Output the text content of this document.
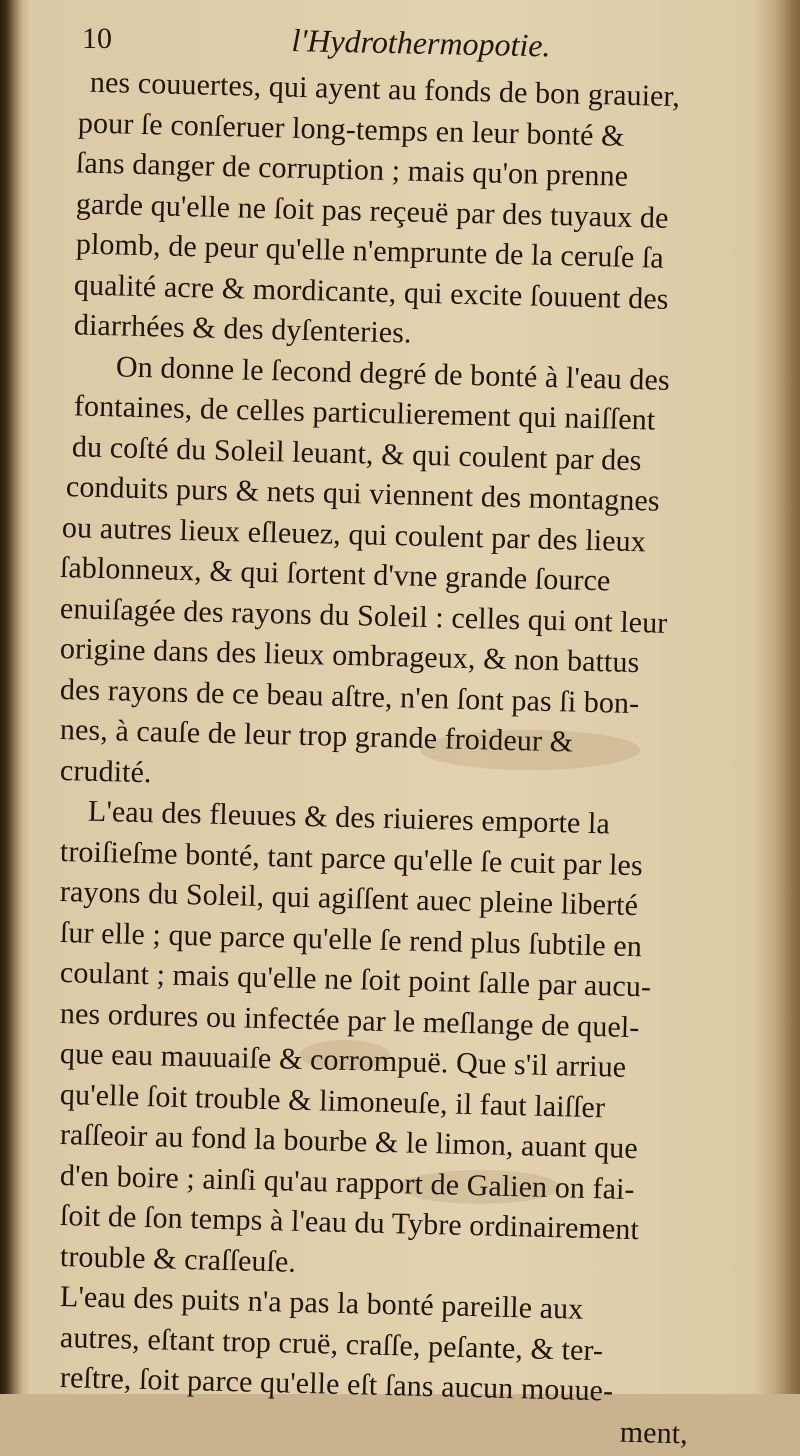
10	l'Hydrothermopotie.
nes couuertes, qui ayent au fonds de bon grauier,
pour ſe conſeruer long-temps en leur bonté &
ſans danger de corruption ; mais qu'on prenne
garde qu'elle ne ſoit pas reçeuë par des tuyaux de
plomb, de peur qu'elle n'emprunte de la ceruſe ſa
qualité acre & mordicante, qui excite ſouuent des
diarrhées & des dyſenteries.
On donne le ſecond degré de bonté à l'eau des
fontaines, de celles particulierement qui naiſſent
du coſté du Soleil leuant, & qui coulent par des
conduits purs & nets qui viennent des montagnes
ou autres lieux eſleuez, qui coulent par des lieux
ſablonneux, & qui ſortent d'vne grande ſource
enuiſagée des rayons du Soleil : celles qui ont leur
origine dans des lieux ombrageux, & non battus
des rayons de ce beau aſtre, n'en ſont pas ſi bon-
nes, à cauſe de leur trop grande froideur &
crudité.
L'eau des fleuues & des riuieres emporte la
troiſieſme bonté, tant parce qu'elle ſe cuit par les
rayons du Soleil, qui agiſſent auec pleine liberté
ſur elle ; que parce qu'elle ſe rend plus ſubtile en
coulant ; mais qu'elle ne ſoit point ſalle par aucu-
nes ordures ou infectée par le meſlange de quel-
que eau mauuaiſe & corrompuë. Que s'il arriue
qu'elle ſoit trouble & limoneuſe, il faut laiſſer
raſſeoir au fond la bourbe & le limon, auant que
d'en boire ; ainſi qu'au rapport de Galien on fai-
ſoit de ſon temps à l'eau du Tybre ordinairement
trouble & craſſeuſe.
L'eau des puits n'a pas la bonté pareille aux
autres, eſtant trop cruë, craſſe, peſante, & ter-
reſtre, ſoit parce qu'elle eſt ſans aucun mouue-
ment,
